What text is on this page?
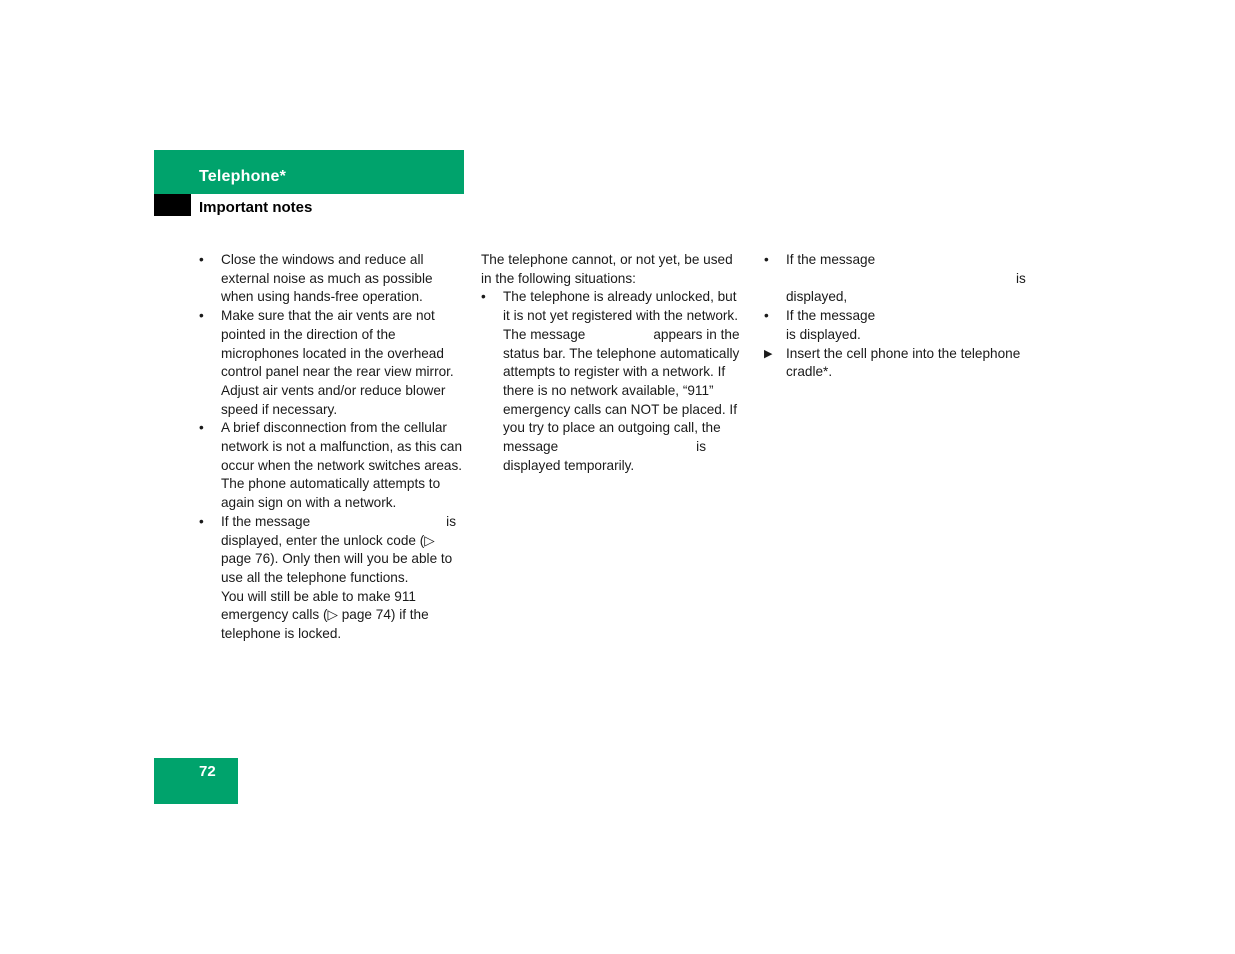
Telephone*
Important notes

•	Close the windows and reduce all external noise as much as possible when using hands-free operation.

•	Make sure that the air vents are not pointed in the direction of the microphones located in the overhead control panel near the rear view mirror. Adjust air vents and/or reduce blower speed if necessary.

•	A brief disconnection from the cellular network is not a malfunction, as this can occur when the network switches areas. The phone automatically attempts to again sign on with a network.

•	If the message	is displayed, enter the unlock code (▷ page 76). Only then will you be able to use all the telephone functions.

You will still be able to make 911 emergency calls (▷ page 74) if the telephone is locked.

The telephone cannot, or not yet, be used in the following situations:

•	The telephone is already unlocked, but it is not yet registered with the network.

The message	appears in the status bar. The telephone automatically attempts to register with a network. If there is no network available, “911” emergency calls can NOT be placed. If you try to place an outgoing call, the message	is displayed temporarily.

•	If the messageis displayed,

•	If the messageis displayed.

▶ Insert the cell phone into the telephone cradle*.

72
